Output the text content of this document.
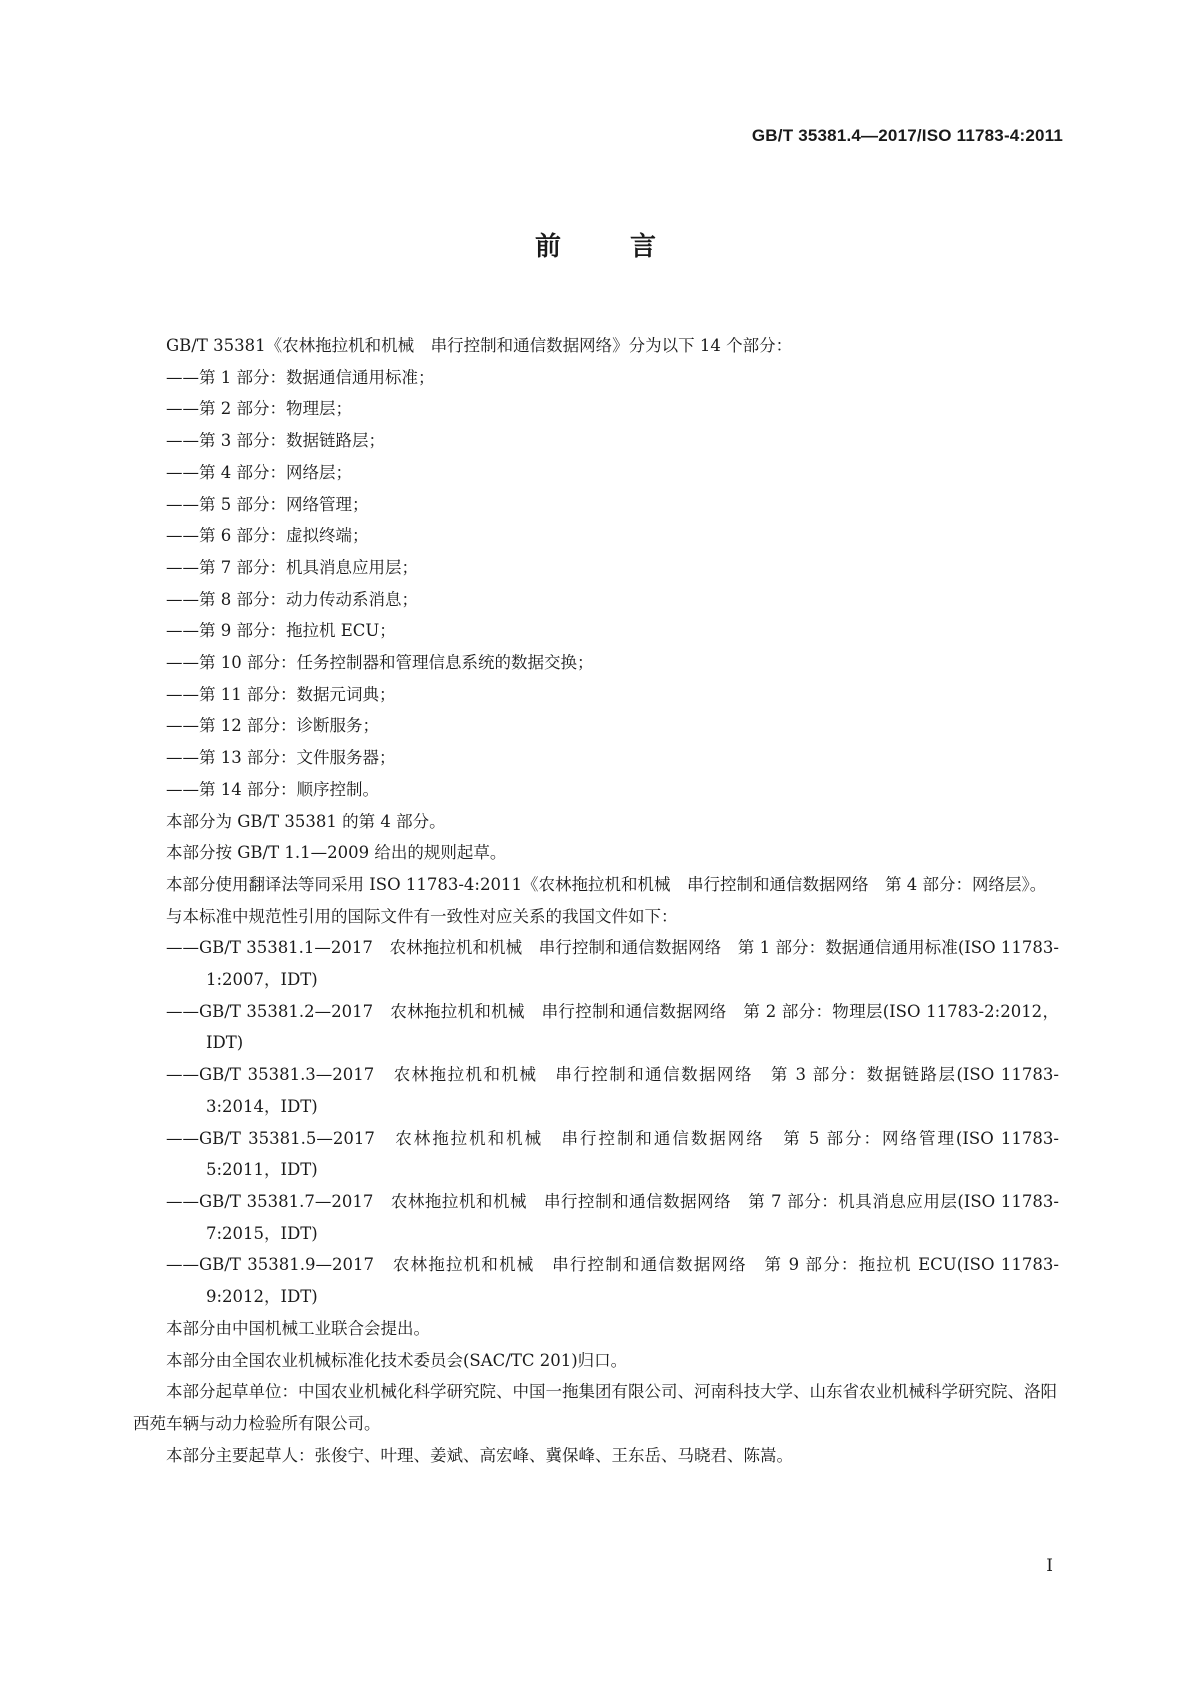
GB/T 35381.4—2017/ISO 11783-4:2011
前 言

GB/T 35381《农林拖拉机和机械　串行控制和通信数据网络》分为以下 14 个部分：

——第 1 部分：数据通信通用标准；

——第 2 部分：物理层；

——第 3 部分：数据链路层；

——第 4 部分：网络层；

——第 5 部分：网络管理；

——第 6 部分：虚拟终端；

——第 7 部分：机具消息应用层；

——第 8 部分：动力传动系消息；

——第 9 部分：拖拉机 ECU；

——第 10 部分：任务控制器和管理信息系统的数据交换；

——第 11 部分：数据元词典；

——第 12 部分：诊断服务；

——第 13 部分：文件服务器；

——第 14 部分：顺序控制。

本部分为 GB/T 35381 的第 4 部分。

本部分按 GB/T 1.1—2009 给出的规则起草。

本部分使用翻译法等同采用 ISO 11783-4:2011《农林拖拉机和机械　串行控制和通信数据网络　第 4 部分：网络层》。

与本标准中规范性引用的国际文件有一致性对应关系的我国文件如下：

——GB/T 35381.1—2017　农林拖拉机和机械　串行控制和通信数据网络　第 1 部分：数据通信通用标准(ISO 11783-1:2007，IDT)

——GB/T 35381.2—2017　农林拖拉机和机械　串行控制和通信数据网络　第 2 部分：物理层(ISO 11783-2:2012，IDT)

——GB/T 35381.3—2017　农林拖拉机和机械　串行控制和通信数据网络　第 3 部分：数据链路层(ISO 11783-3:2014，IDT)

——GB/T 35381.5—2017　农林拖拉机和机械　串行控制和通信数据网络　第 5 部分：网络管理(ISO 11783-5:2011，IDT)

——GB/T 35381.7—2017　农林拖拉机和机械　串行控制和通信数据网络　第 7 部分：机具消息应用层(ISO 11783-7:2015，IDT)

——GB/T 35381.9—2017　农林拖拉机和机械　串行控制和通信数据网络　第 9 部分：拖拉机 ECU(ISO 11783-9:2012，IDT)

本部分由中国机械工业联合会提出。

本部分由全国农业机械标准化技术委员会(SAC/TC 201)归口。

本部分起草单位：中国农业机械化科学研究院、中国一拖集团有限公司、河南科技大学、山东省农业机械科学研究院、洛阳西苑车辆与动力检验所有限公司。

本部分主要起草人：张俊宁、叶理、姜斌、高宏峰、冀保峰、王东岳、马晓君、陈嵩。

I
